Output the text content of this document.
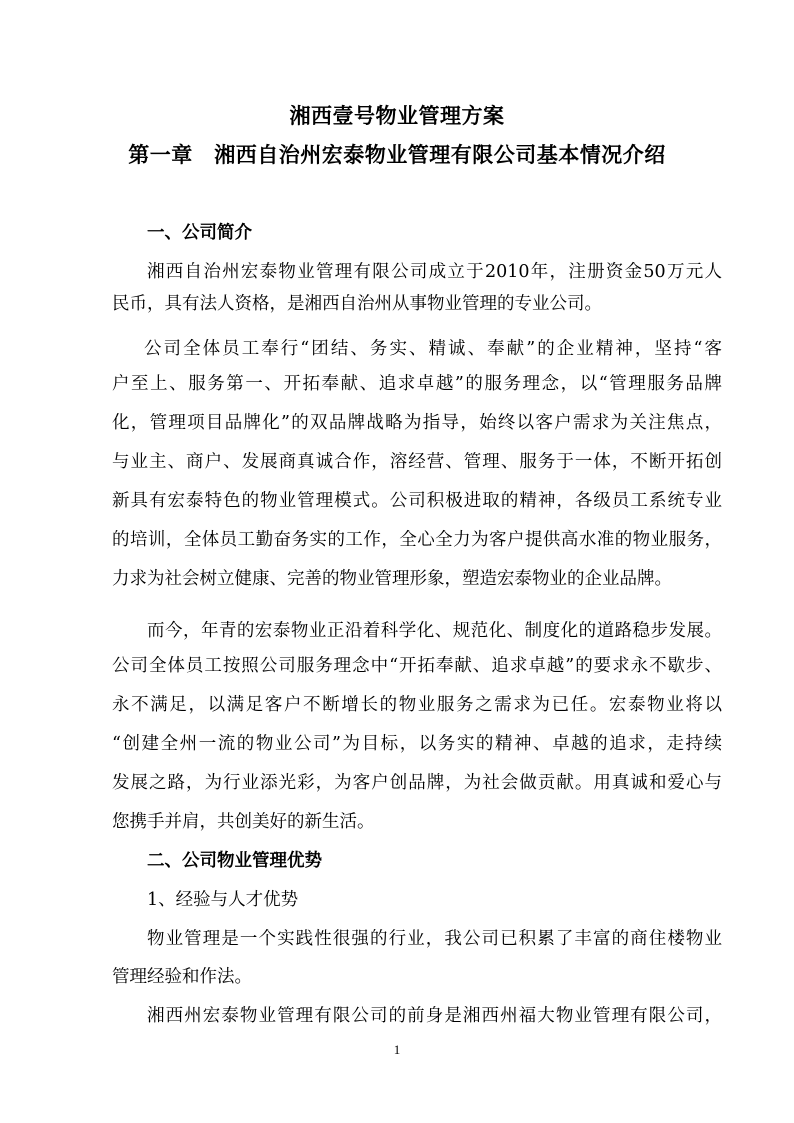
湘西壹号物业管理方案
第一章　湘西自治州宏泰物业管理有限公司基本情况介绍
一、公司简介
湘西自治州宏泰物业管理有限公司成立于2010年，注册资金50万元人
民币，具有法人资格，是湘西自治州从事物业管理的专业公司。
公司全体员工奉行“团结、务实、精诚、奉献”的企业精神，坚持“客
户至上、服务第一、开拓奉献、追求卓越”的服务理念，以“管理服务品牌
化，管理项目品牌化”的双品牌战略为指导，始终以客户需求为关注焦点，
与业主、商户、发展商真诚合作，溶经营、管理、服务于一体，不断开拓创
新具有宏泰特色的物业管理模式。公司积极进取的精神，各级员工系统专业
的培训，全体员工勤奋务实的工作，全心全力为客户提供高水准的物业服务，
力求为社会树立健康、完善的物业管理形象，塑造宏泰物业的企业品牌。
而今，年青的宏泰物业正沿着科学化、规范化、制度化的道路稳步发展。
公司全体员工按照公司服务理念中“开拓奉献、追求卓越”的要求永不歇步、
永不满足，以满足客户不断增长的物业服务之需求为已任。宏泰物业将以
“创建全州一流的物业公司”为目标，以务实的精神、卓越的追求，走持续
发展之路，为行业添光彩，为客户创品牌，为社会做贡献。用真诚和爱心与
您携手并肩，共创美好的新生活。
二、公司物业管理优势
1、经验与人才优势
物业管理是一个实践性很强的行业，我公司已积累了丰富的商住楼物业
管理经验和作法。
湘西州宏泰物业管理有限公司的前身是湘西州福大物业管理有限公司，
1
